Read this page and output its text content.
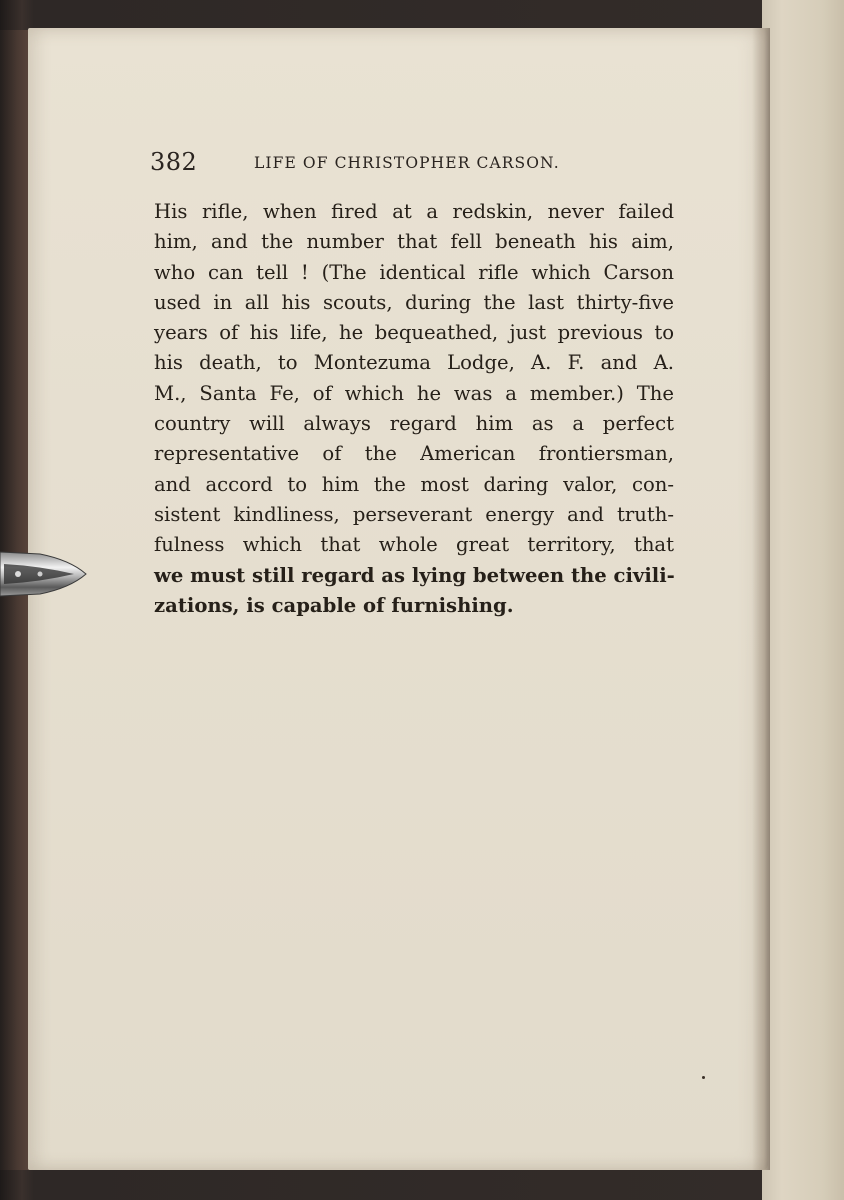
382	LIFE OF CHRISTOPHER CARSON.
His rifle, when fired at a redskin, never failed
him, and the number that fell beneath his aim,
who can tell ! (The identical rifle which Carson
used in all his scouts, during the last thirty-five
years of his life, he bequeathed, just previous to
his death, to Montezuma Lodge, A. F. and A.
M., Santa Fe, of which he was a member.) The
country will always regard him as a perfect
representative of the American frontiersman,
and accord to him the most daring valor, con-
sistent kindliness, perseverant energy and truth-
fulness which that whole great territory, that
we must still regard as lying between the civili-
zations, is capable of furnishing.
